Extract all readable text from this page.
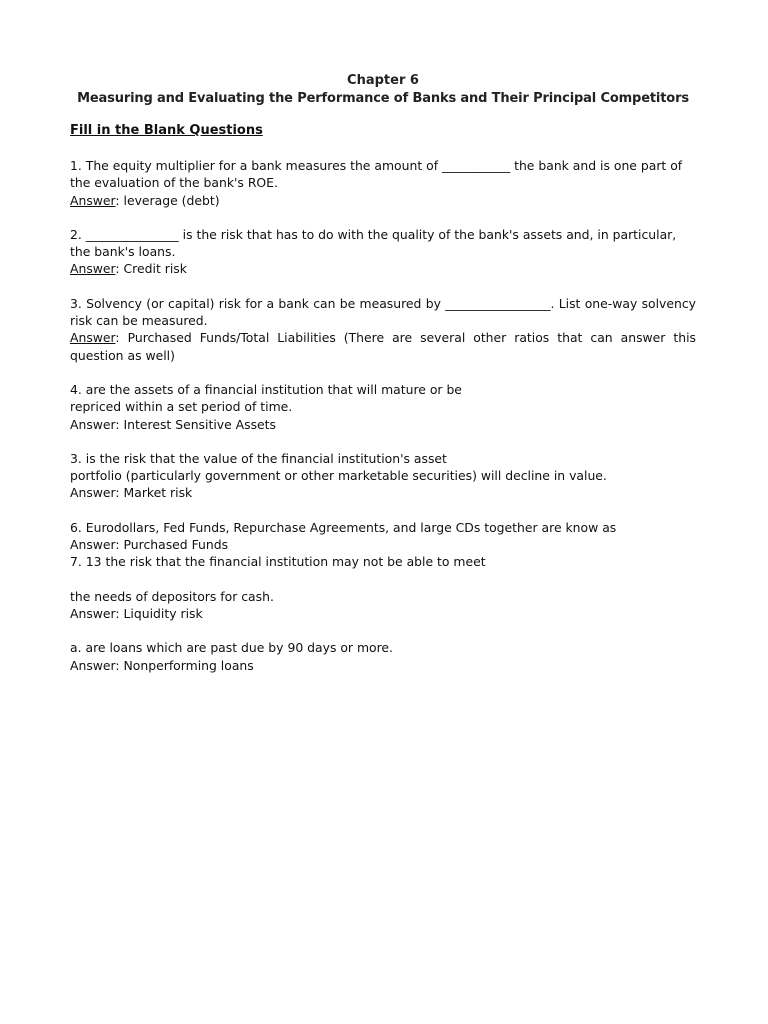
Chapter 6
Measuring and Evaluating the Performance of Banks and Their Principal Competitors
Fill in the Blank Questions
1. The equity multiplier for a bank measures the amount of ___________ the bank and is one part of
the evaluation of the bank's ROE.
Answer: leverage (debt)
2. _______________ is the risk that has to do with the quality of the bank's assets and, in particular,
the bank's loans.
Answer: Credit risk
3. Solvency (or capital) risk for a bank can be measured by _________________. List one-way solvency risk can be measured.
Answer: Purchased Funds/Total Liabilities (There are several other ratios that can answer this question as well)
4. are the assets of a financial institution that will mature or be
repriced within a set period of time.
Answer: Interest Sensitive Assets
3. is the risk that the value of the financial institution's asset
portfolio (particularly government or other marketable securities) will decline in value.
Answer: Market risk
6. Eurodollars, Fed Funds, Repurchase Agreements, and large CDs together are know as
Answer: Purchased Funds
7. 13 the risk that the financial institution may not be able to meet
the needs of depositors for cash.
Answer: Liquidity risk
a. are loans which are past due by 90 days or more.
Answer: Nonperforming loans
